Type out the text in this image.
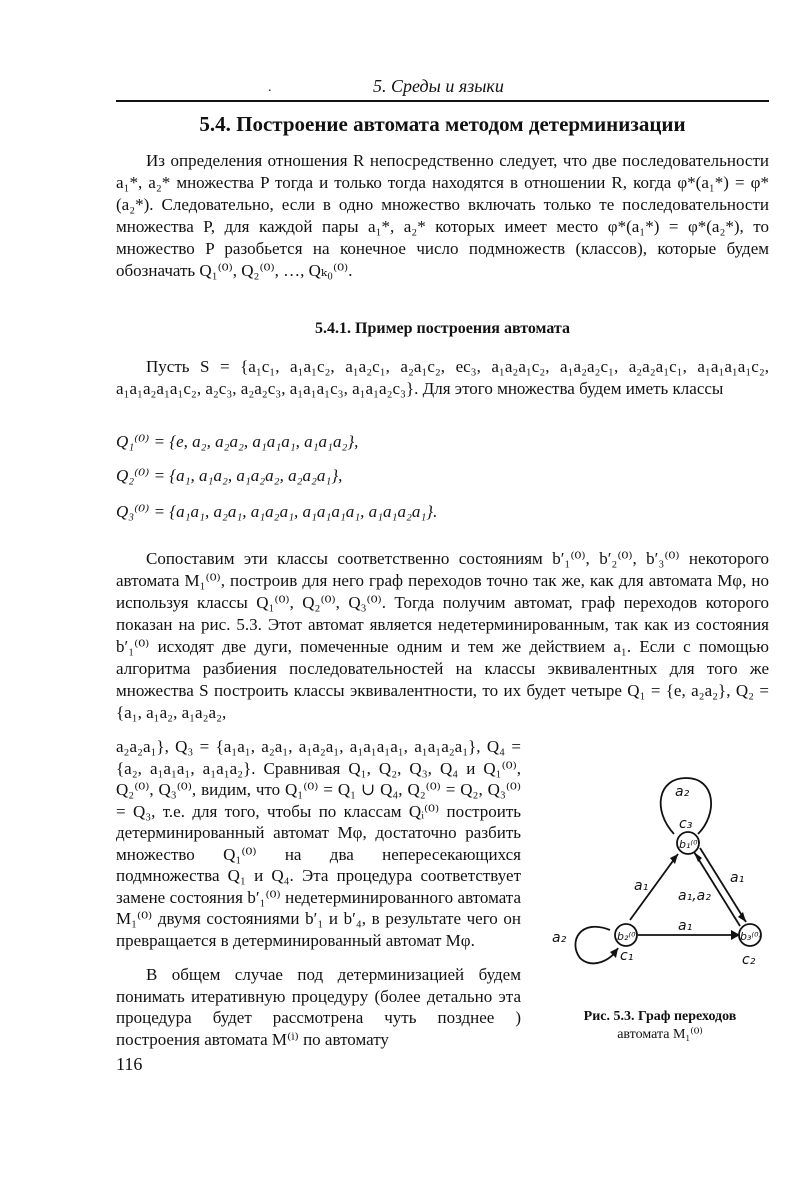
.	5. Среды и языки
5.4. Построение автомата методом детерминизации
Из определения отношения R непосредственно следует, что две последовательности a₁*, a₂* множества P тогда и только тогда находятся в отношении R, когда φ*(a₁*) = φ*(a₂*). Следовательно, если в одно множество включать только те последовательности множества P, для каждой пары a₁*, a₂* которых имеет место φ*(a₁*) = φ*(a₂*), то множество P разобьется на конечное число подмножеств (классов), которые будем обозначать Q₁⁽⁰⁾, Q₂⁽⁰⁾, …, Qₖ₀⁽⁰⁾.
5.4.1. Пример построения автомата
Пусть S = {a₁c₁, a₁a₁c₂, a₁a₂c₁, a₂a₁c₂, ec₃, a₁a₂a₁c₂, a₁a₂a₂c₁, a₂a₂a₁c₁, a₁a₁a₁a₁c₂, a₁a₁a₂a₁a₁c₂, a₂c₃, a₂a₂c₃, a₁a₁a₁c₃, a₁a₁a₂c₃}. Для этого множества будем иметь классы
Q₁⁽⁰⁾ = {e, a₂, a₂a₂, a₁a₁a₁, a₁a₁a₂},
Q₂⁽⁰⁾ = {a₁, a₁a₂, a₁a₂a₂, a₂a₂a₁},
Q₃⁽⁰⁾ = {a₁a₁, a₂a₁, a₁a₂a₁, a₁a₁a₁a₁, a₁a₁a₂a₁}.
Сопоставим эти классы соответственно состояниям b′₁⁽⁰⁾, b′₂⁽⁰⁾, b′₃⁽⁰⁾ некоторого автомата M₁⁽⁰⁾, построив для него граф переходов точно так же, как для автомата Mφ, но используя классы Q₁⁽⁰⁾, Q₂⁽⁰⁾, Q₃⁽⁰⁾. Тогда получим автомат, граф переходов которого показан на рис. 5.3. Этот автомат является недетерминированным, так как из состояния b′₁⁽⁰⁾ исходят две дуги, помеченные одним и тем же действием a₁. Если с помощью алгоритма разбиения последовательностей на классы эквивалентных для того же множества S построить классы эквивалентности, то их будет четыре Q₁ = {e, a₂a₂}, Q₂ = {a₁, a₁a₂, a₁a₂a₂,
a₂a₂a₁}, Q₃ = {a₁a₁, a₂a₁, a₁a₂a₁, a₁a₁a₁a₁, a₁a₁a₂a₁}, Q₄ = {a₂, a₁a₁a₁, a₁a₁a₂}. Сравнивая Q₁, Q₂, Q₃, Q₄ и Q₁⁽⁰⁾, Q₂⁽⁰⁾, Q₃⁽⁰⁾, видим, что Q₁⁽⁰⁾ = Q₁ ∪ Q₄, Q₂⁽⁰⁾ = Q₂, Q₃⁽⁰⁾ = Q₃, т.е. для того, чтобы по классам Qᵢ⁽⁰⁾ построить детерминированный автомат Mφ, достаточно разбить множество Q₁⁽⁰⁾ на два непересекающихся подмножества Q₁ и Q₄. Эта процедура соответствует замене состояния b′₁⁽⁰⁾ недетерминированного автомата M₁⁽⁰⁾ двумя состояниями b′₁ и b′₄, в результате чего он превращается в детерминированный автомат Mφ.
a₂
c₃
b₁⁽⁰⁾
a₁
a₁,a₂
a₁
a₂	b₂⁽⁰⁾
c₁
a₁
b₃⁽⁰⁾
c₂
Рис. 5.3. Граф переходов
автомата M₁⁽⁰⁾
В общем случае под детерминизацией будем понимать итеративную процедуру (более детально эта процедура будет рассмотрена чуть позднее ) построения автомата M⁽ⁱ⁾ по автомату
116
